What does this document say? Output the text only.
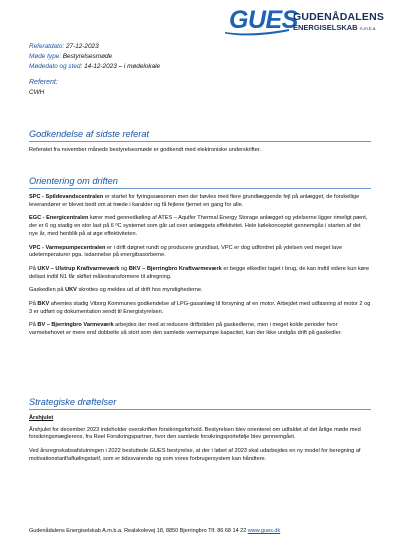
GUES
GUDENÅDALENS
ENERGISELSKAB A.m.b.a.
Referatdato: 27-12-2023
Møde type: Bestyrelsesmøde
Mødedato og sted: 14-12-2023 – i mødelokale
Referent:
CWH
Godkendelse af sidste referat

Referatet fra november måneds bestyrelsesmøde er godkendt med elektroniske underskrifter.

Orientering om driften

SPC - Spildevandscentralen er startet for fyringssæsonen men der bøvles med flere grundlæggende fejl på anlægget, de forskellige leverandører er blevet bedt om at træde i karakter og få fejlene fjernet en gang for alle.

EGC - Energicentralen kører med gennedkøling af ATES – Aquifer Thermal Energy Storage anlægget og ydelserne ligger rimeligt pænt, der er 6 og stadig en stor last på 6 ºC systemet som går ud over anlæggets effektivitet. Hele kølekonceptet gennemgås i starten af det nye år, med henblik på at øge effektiviteten.

VPC - Varmepumpecentralen er i drift døgnet rundt og producere grundlast, VPC er dog udfordret på ydelsen ved meget lave udetemperaturer pga. isdannelse på energibasorberne.

På UKV – Ulstrup Kraftvarmeværk og BKV – Bjerringbro Kraftvarmeværk er begge elkedler taget i brug, de kan indtil videre kun køre dellast indtil N1 får skiftet målestransformere til afregning.

Gaskedlen på UKV skrottes og meldes ud af drift hos myndighederne.

På BKV afventes stadig Viborg Kommunes godkendelse af LPG-gasanlæg til forsyning af en motor. Arbejdet med udfasning af motor 2 og 3 er udført og dokumentation sendt til Energistyrelsen.

På BV – Bjerringbro Varmeværk arbejdes der med at reducere driftstiden på gaskedlerne, men i meget kolde perioder hvor varmebehovet er mere end dobbelte så stort som den samlede varmepumpe kapacitet, kan der ikke undgås drift på gaskedler.

Strategiske drøftelser
Årshjulet

Årshjulet for december 2023 indeholder overskriften forsikringsforhold. Bestyrelsen blev orienteret om udfaldet af det årlige møde med forsikringsmæglerens, fra Reel Forsikringspartner, hvor den samlede forsikringsportefølje blev gennemgået.

Ved årsregnskabsafslutningen i 2022 besluttede GUES bestyrelse, at der i løbet af 2023 skal udarbejdes en ny model for beregning af motivationstarif/afkølingstarif, som er tidssvarende og som vores forbrugersystem kan håndtere.

Gudenådalens Energiselskab A.m.b.a. Realskolevej 18, 8850 Bjerringbro Tlf. 86 68 14 22 www.gues.dk
